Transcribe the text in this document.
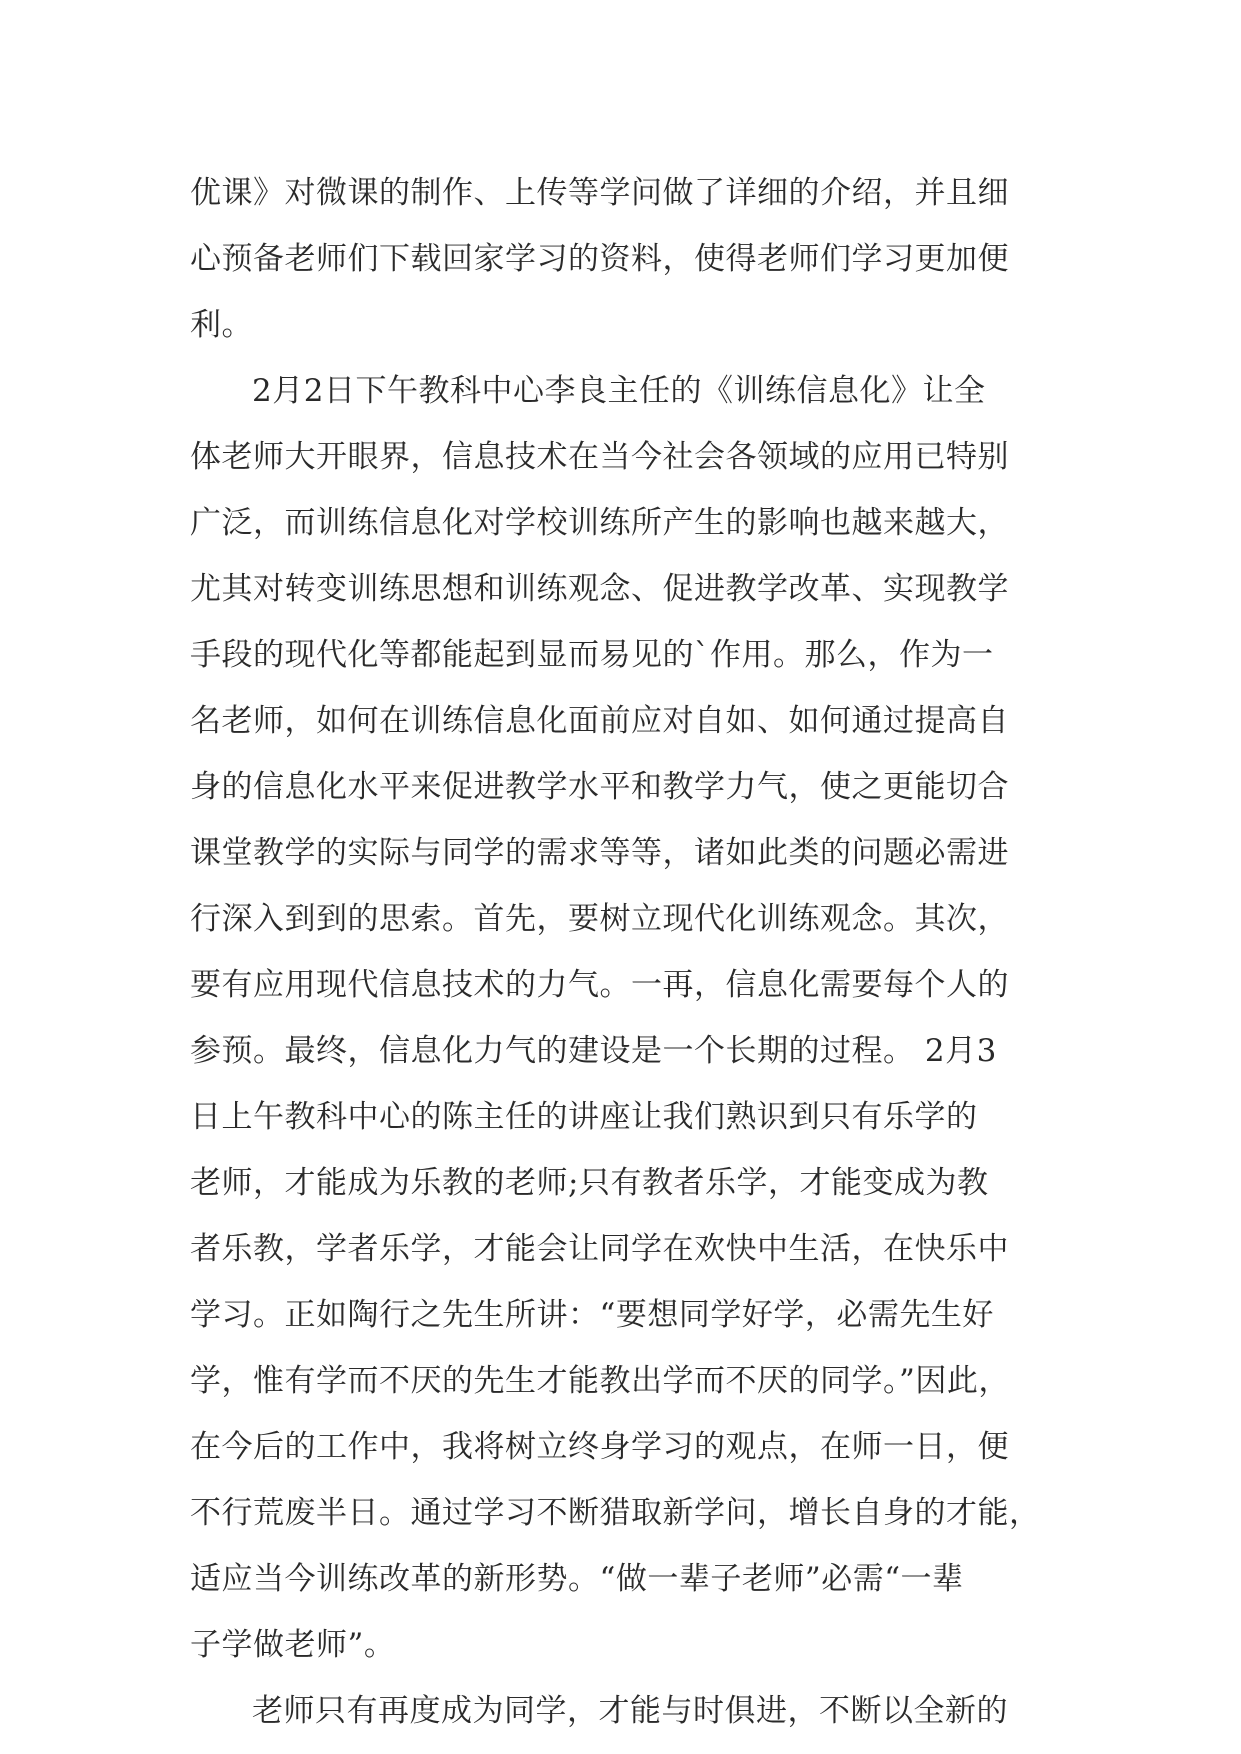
优课》对微课的制作、上传等学问做了详细的介绍，并且细
心预备老师们下载回家学习的资料，使得老师们学习更加便
利。
2月2日下午教科中心李良主任的《训练信息化》让全
体老师大开眼界，信息技术在当今社会各领域的应用已特别
广泛，而训练信息化对学校训练所产生的影响也越来越大，
尤其对转变训练思想和训练观念、促进教学改革、实现教学
手段的现代化等都能起到显而易见的`作用。那么，作为一
名老师，如何在训练信息化面前应对自如、如何通过提高自
身的信息化水平来促进教学水平和教学力气，使之更能切合
课堂教学的实际与同学的需求等等，诸如此类的问题必需进
行深入到到的思索。首先，要树立现代化训练观念。其次，
要有应用现代信息技术的力气。一再，信息化需要每个人的
参预。最终，信息化力气的建设是一个长期的过程。 2月3
日上午教科中心的陈主任的讲座让我们熟识到只有乐学的
老师，才能成为乐教的老师;只有教者乐学，才能变成为教
者乐教，学者乐学，才能会让同学在欢快中生活，在快乐中
学习。正如陶行之先生所讲：“要想同学好学，必需先生好
学，惟有学而不厌的先生才能教出学而不厌的同学。”因此，
在今后的工作中，我将树立终身学习的观点，在师一日，便
不行荒废半日。通过学习不断猎取新学问，增长自身的才能，
适应当今训练改革的新形势。“做一辈子老师”必需“一辈
子学做老师”。
老师只有再度成为同学，才能与时俱进，不断以全新的
